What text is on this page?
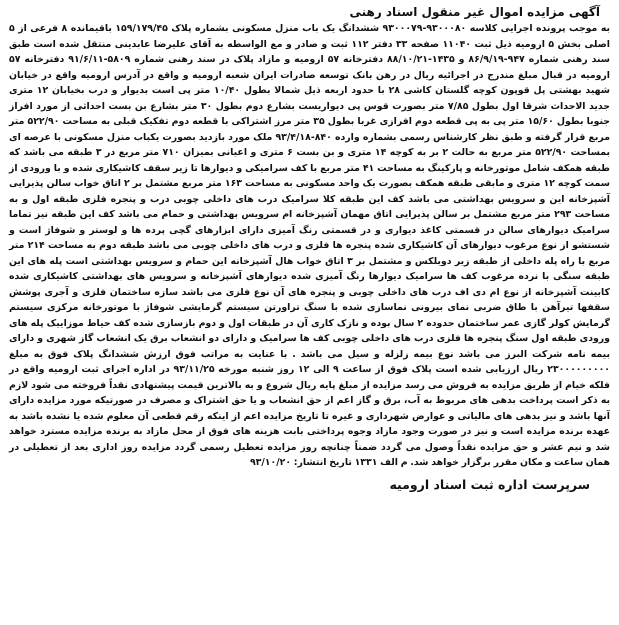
آگهی مزایده اموال غیر منقول اسناد رهنی

به موجب پرونده اجرایی کلاسه ۹۳۰۰۰۸۰-۹۳۰۰۰۷۹ ششدانگ یک باب منزل مسکونی بشماره پلاک ۱۵۹/۱۷۹/۴۵ باقیمانده ۸ فرعی از ۵ اصلی بخش ۵ ارومیه ذیل ثبت ۱۱۰۴۰ صفحه ۳۳ دفتر ۱۱۲ ثبت و صادر و مع الواسطه به آقای علیرضا عابدینی منتقل شده است طبق سند رهنی شماره ۹۴۷-۸۶/۹/۱۹ و ۱۴۳۵-۸۸/۱۰/۲۱ دفترخانه ۵۷ ارومیه و مازاد پلاک در سند رهنی شماره ۵۸۰۹-۹۱/۶/۱۱ دفترخانه ۵۷ ارومیه در قبال مبلغ مندرج در اجرائیه ریال در رهن بانک توسعه صادرات ایران شعبه ارومیه و واقع در آدرس ارومیه واقع در خیابان شهید بهشتی پل قوپون کوچه گلستان کاشی ۲۸ با حدود اربعه ذیل شمالا بطول ۱۰/۴۰ متر پی است بدیوار و درب بخیابان ۱۲ متری جدید الاحداث شرقا اول بطول ۷/۸۵ متر بصورت قوس پی دیواریست بشارع دوم بطول ۳۰ متر بشارع بن بست احداثی از مورد افراز جنوبا بطول ۱۵/۶۰ متر پی به پی قطعه دوم افرازی غربا بطول ۳۵ متر مرز اشتراکی با قطعه دوم تفکیک قبلی به مساحت ۵۲۲/۹۰ متر مربع قرار گرفته و طبق نظر کارشناس رسمی بشماره وارده ۸۴۰-۹۳/۴/۱۸ ملک مورد بازدید بصورت یکباب منزل مسکونی با عرصه ای بمساحت ۵۲۲/۹۰ متر مربع به حالت ۲ بر به کوچه ۱۴ متری و بن بست ۶ متری و اعیانی بمیزان ۷۱۰ متر مربع در ۳ طبقه می باشد که طبقه همکف شامل موتورخانه و پارکینگ به مساحت ۴۱ متر مربع با کف سرامیکی و دیوارها تا زیر سقف کاشیکاری شده و با ورودی از سمت کوچه ۱۲ متری و مابقی طبقه همکف بصورت یک واحد مسکونی به مساحت ۱۶۳ متر مربع مشتمل بر ۲ اتاق خواب سالن پذیرایی آشپزخانه این و سرویس بهداشتی می باشد کف این طبقه کلا سرامیک درب های داخلی چوبی درب و پنجره فلزی طبقه اول و به مساحت ۲۹۳ متر مربع مشتمل بر سالن پذیرایی اتاق مهمان آشپزخانه ام سرویس بهداشتی و حمام می باشد کف این طبقه نیز تماما سرامیک دیوارهای سالن در قسمتی کاغذ دیواری و در قسمتی رنگ آمیزی دارای ابزارهای گچی پرده ها و لوستر و شوفاژ است و شستشو از نوع مرغوب دیوارهای آن کاشیکاری شده پنجره ها فلزی و درب های داخلی چوبی می باشد طبقه دوم به مساحت ۲۱۴ متر مربع با راه پله داخلی از طبقه زیر دوبلکس و مشتمل بر ۳ اتاق خواب هال آشپزخانه این حمام و سرویس بهداشتی است پله های این طبقه سنگی با نرده مرغوب کف ها سرامیک دیوارها رنگ آمیزی شده دیوارهای آشپزخانه و سرویس های بهداشتی کاشیکاری شده کابینت آشپزخانه از نوع ام دی اف درب های داخلی چوبی و پنجره های آن نوع فلزی می باشد سازه ساختمان فلزی و آجری پوشش سقفها تیرآهن با طاق ضربی نمای بیرونی نماسازی شده با سنگ تراورتن سیستم گرمایشی شوفاژ با موتورخانه مرکزی سیستم گرمایش کولر گازی عمر ساختمان حدوده ۲ سال بوده و نازک کاری آن در طبقات اول و دوم بازسازی شده کف حیاط موزاییک پله های ورودی طبقه اول سنگ پنجره ها فلزی درب های داخلی چوبی کف ها سرامیک و دارای دو انشعاب برق یک انشعاب گاز شهری و دارای بیمه نامه شرکت البرز می باشد نوع بیمه زلزله و سیل می باشد . با عنایت به مراتب فوق ارزش ششدانگ پلاک فوق به مبلغ ۲۳۰۰۰۰۰۰۰۰۰ ریال ارزیابی شده است پلاک فوق از ساعت ۹ الی ۱۲ روز شنبه مورخه ۹۳/۱۱/۲۵ در اداره اجرای ثبت ارومیه واقع در فلکه خیام از طریق مزایده به فروش می رسد مزایده از مبلغ پایه ریال شروع و به بالاترین قیمت پیشنهادی نقداً فروخته می شود لازم به ذکر است پرداخت بدهی های مربوط به آب، برق و گاز اعم از حق انشعاب و یا حق اشتراک و مصرف در صورتیکه مورد مزایده دارای آنها باشد و نیز بدهی های مالیاتی و عوارض شهرداری و غیره تا تاریخ مزایده اعم از اینکه رقم قطعی آن معلوم شده یا نشده باشد به عهده برنده مزایده است و نیز در صورت وجود مازاد وجوه پرداختی بابت هزینه های فوق از محل مازاد به برنده مزایده مسترد خواهد شد و نیم عشر و حق مزایده نقداً وصول می گردد ضمناً چنانچه روز مزایده تعطیل رسمی گردد مزایده روز اداری بعد از تعطیلی در همان ساعت و مکان مقرر برگزار خواهد شد. م الف ۱۳۳۱ تاریخ انتشار: ۹۳/۱۰/۲۰

سرپرست اداره ثبت اسناد ارومیه
